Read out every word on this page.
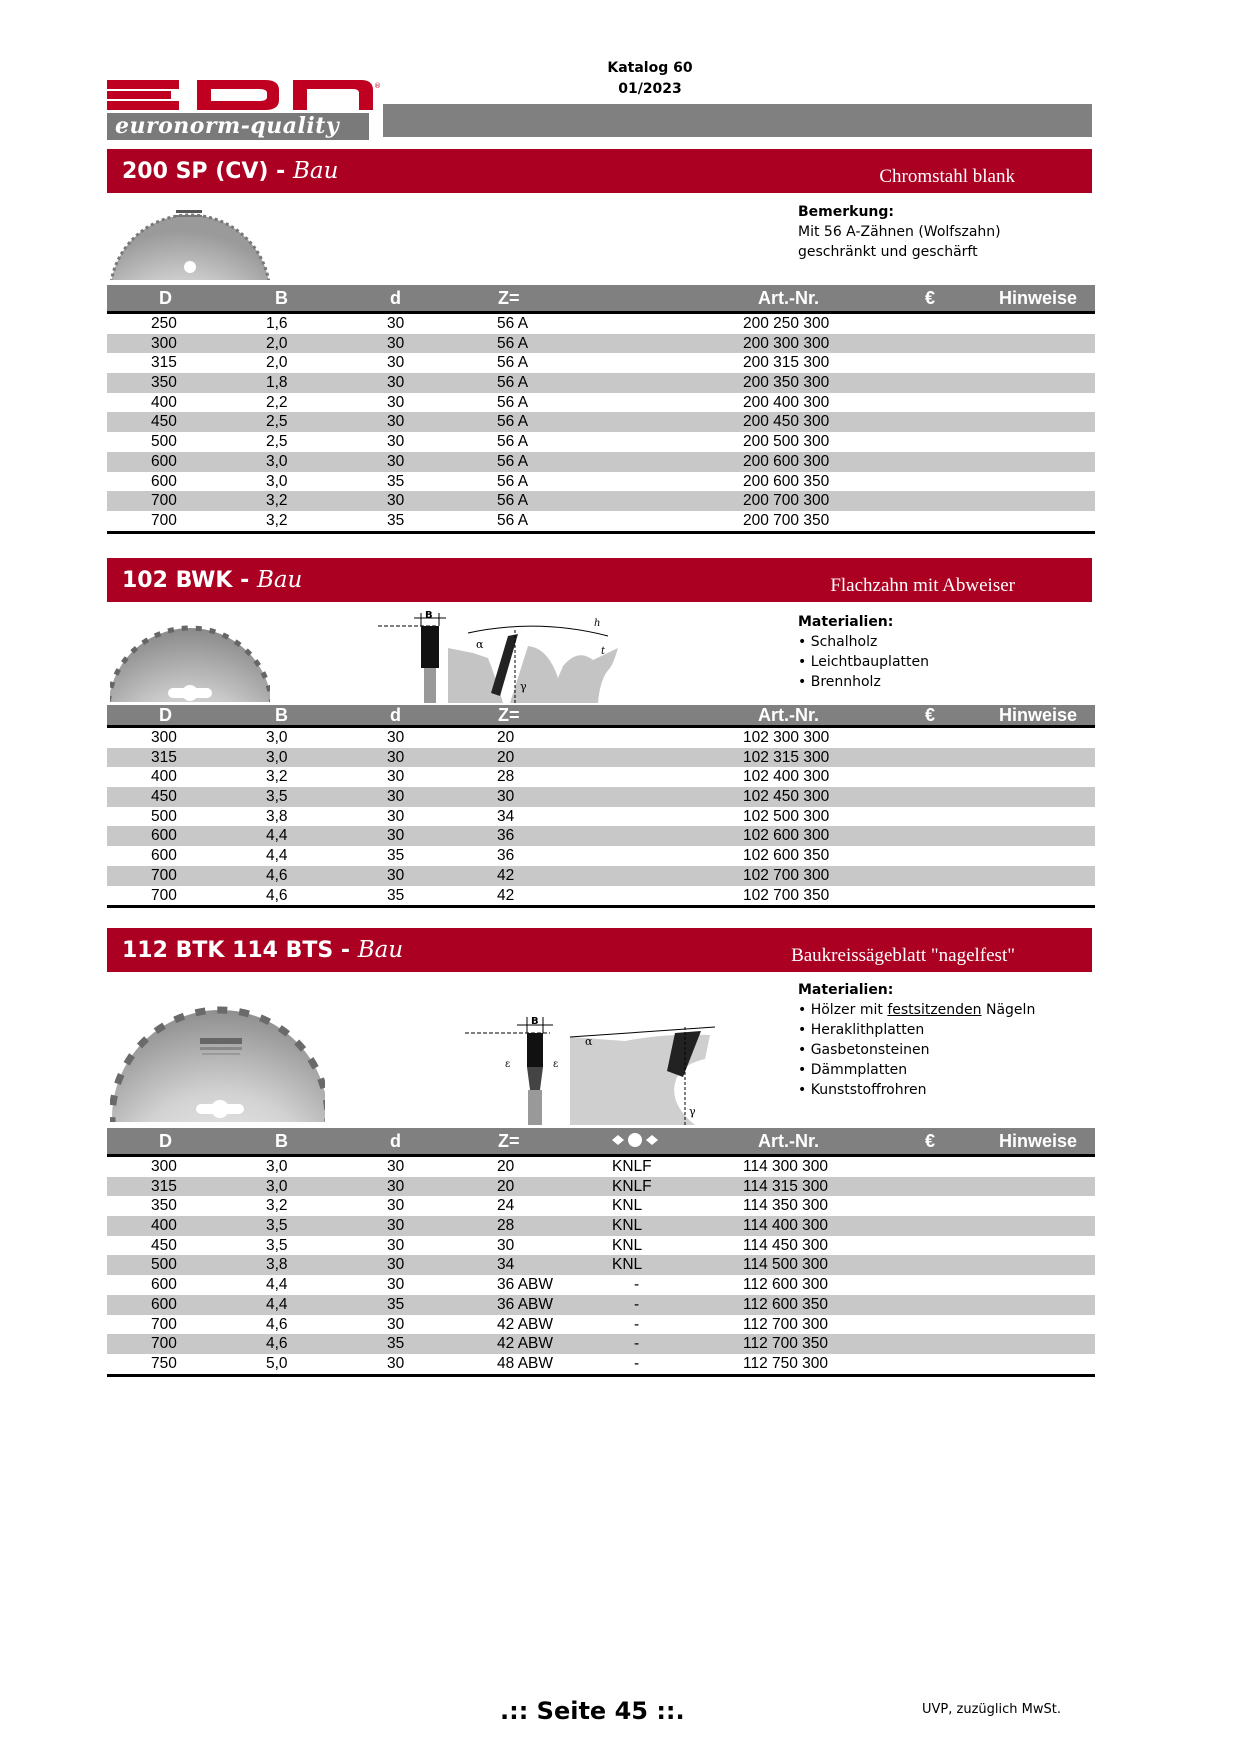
Katalog 60
01/2023
®
euronorm-quality
200 SP (CV) - Bau	Chromstahl blank
Bemerkung:
Mit 56 A-Zähnen (Wolfszahn)
geschränkt und geschärft
D	B	d	Z=	Art.-Nr.	€	Hinweise
250	1,6	30	56 A	200 250 300
300	2,0	30	56 A	200 300 300
315	2,0	30	56 A	200 315 300
350	1,8	30	56 A	200 350 300
400	2,2	30	56 A	200 400 300
450	2,5	30	56 A	200 450 300
500	2,5	30	56 A	200 500 300
600	3,0	30	56 A	200 600 300
600	3,0	35	56 A	200 600 350
700	3,2	30	56 A	200 700 300
700	3,2	35	56 A	200 700 350
102 BWK - Bau	Flachzahn mit Abweiser
B
α
γ
h
t
Materialien:
• Schalholz
• Leichtbauplatten
• Brennholz
D	B	d	Z=	Art.-Nr.	€	Hinweise
300	3,0	30	20	102 300 300
315	3,0	30	20	102 315 300
400	3,2	30	28	102 400 300
450	3,5	30	30	102 450 300
500	3,8	30	34	102 500 300
600	4,4	30	36	102 600 300
600	4,4	35	36	102 600 350
700	4,6	30	42	102 700 300
700	4,6	35	42	102 700 350
112 BTK 114 BTS - Bau	Baukreissägeblatt "nagelfest"
B
ε	ε
α
γ
Materialien:
• Hölzer mit festsitzenden Nägeln
• Heraklithplatten
• Gasbetonsteinen
• Dämmplatten
• Kunststoffrohren
D	B	d	Z=	Art.-Nr.	€	Hinweise
300	3,0	30	20	KNLF	114 300 300
315	3,0	30	20	KNLF	114 315 300
350	3,2	30	24	KNL	114 350 300
400	3,5	30	28	KNL	114 400 300
450	3,5	30	30	KNL	114 450 300
500	3,8	30	34	KNL	114 500 300
600	4,4	30	36 ABW	-	112 600 300
600	4,4	35	36 ABW	-	112 600 350
700	4,6	30	42 ABW	-	112 700 300
700	4,6	35	42 ABW	-	112 700 350
750	5,0	30	48 ABW	-	112 750 300
.:: Seite 45 ::.	UVP, zuzüglich MwSt.
